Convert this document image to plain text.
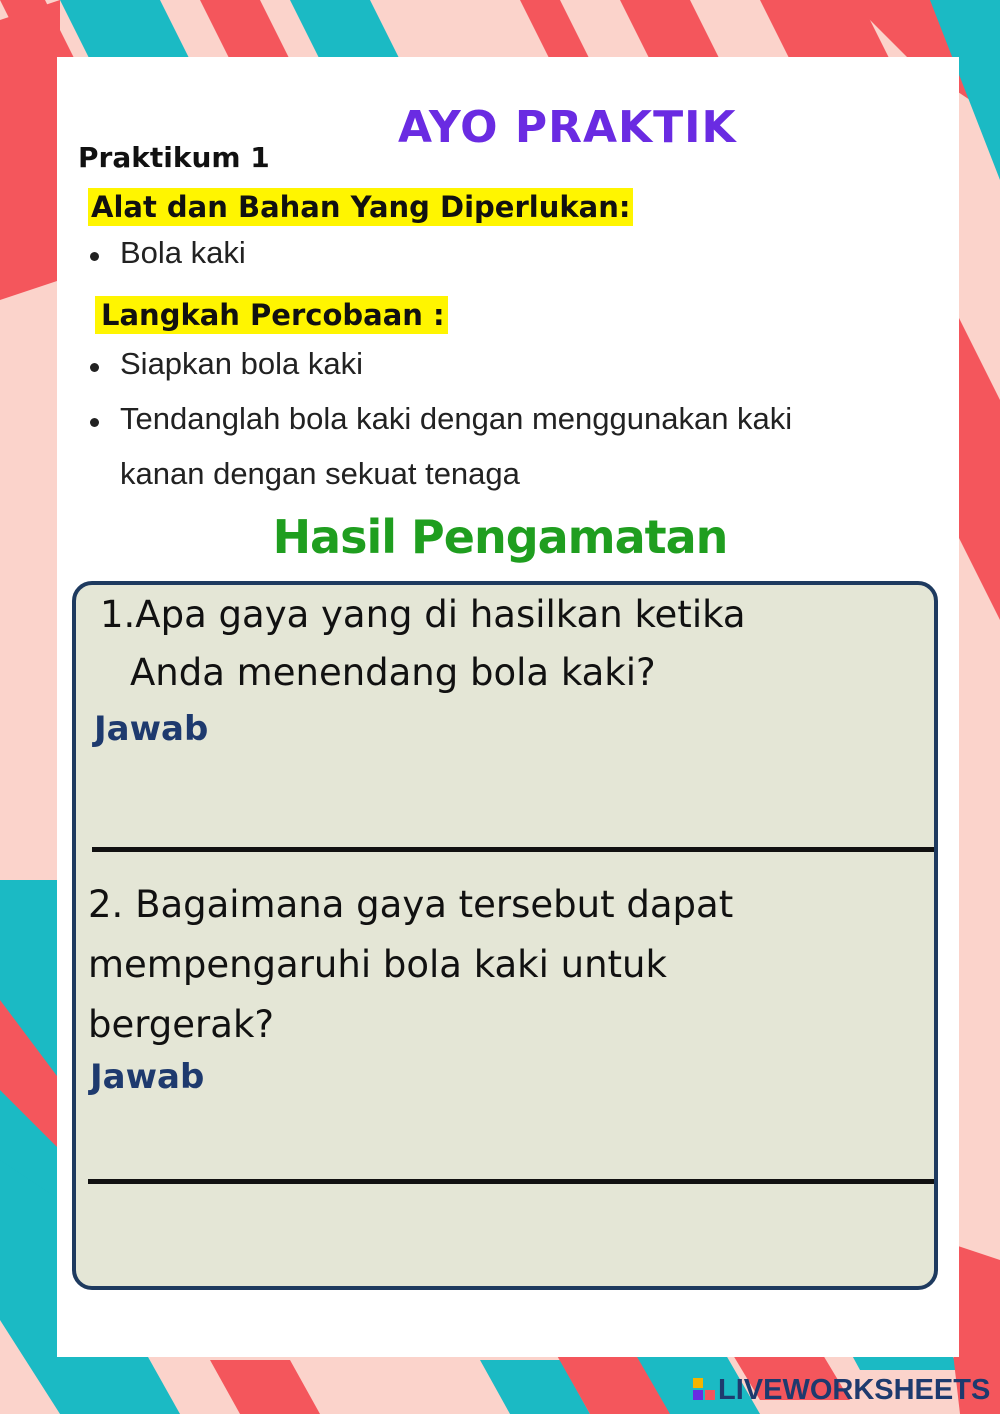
AYO PRAKTIK
Praktikum 1
Alat dan Bahan Yang Diperlukan:
Bola kaki
Langkah Percobaan :
Siapkan bola kaki
Tendanglah bola kaki dengan menggunakan kaki
kanan dengan sekuat tenaga
Hasil Pengamatan
1.Apa gaya yang di hasilkan ketika
Anda menendang bola kaki?
Jawab
2. Bagaimana gaya tersebut dapat
mempengaruhi bola kaki untuk
bergerak?
Jawab
LIVEWORKSHEETS
